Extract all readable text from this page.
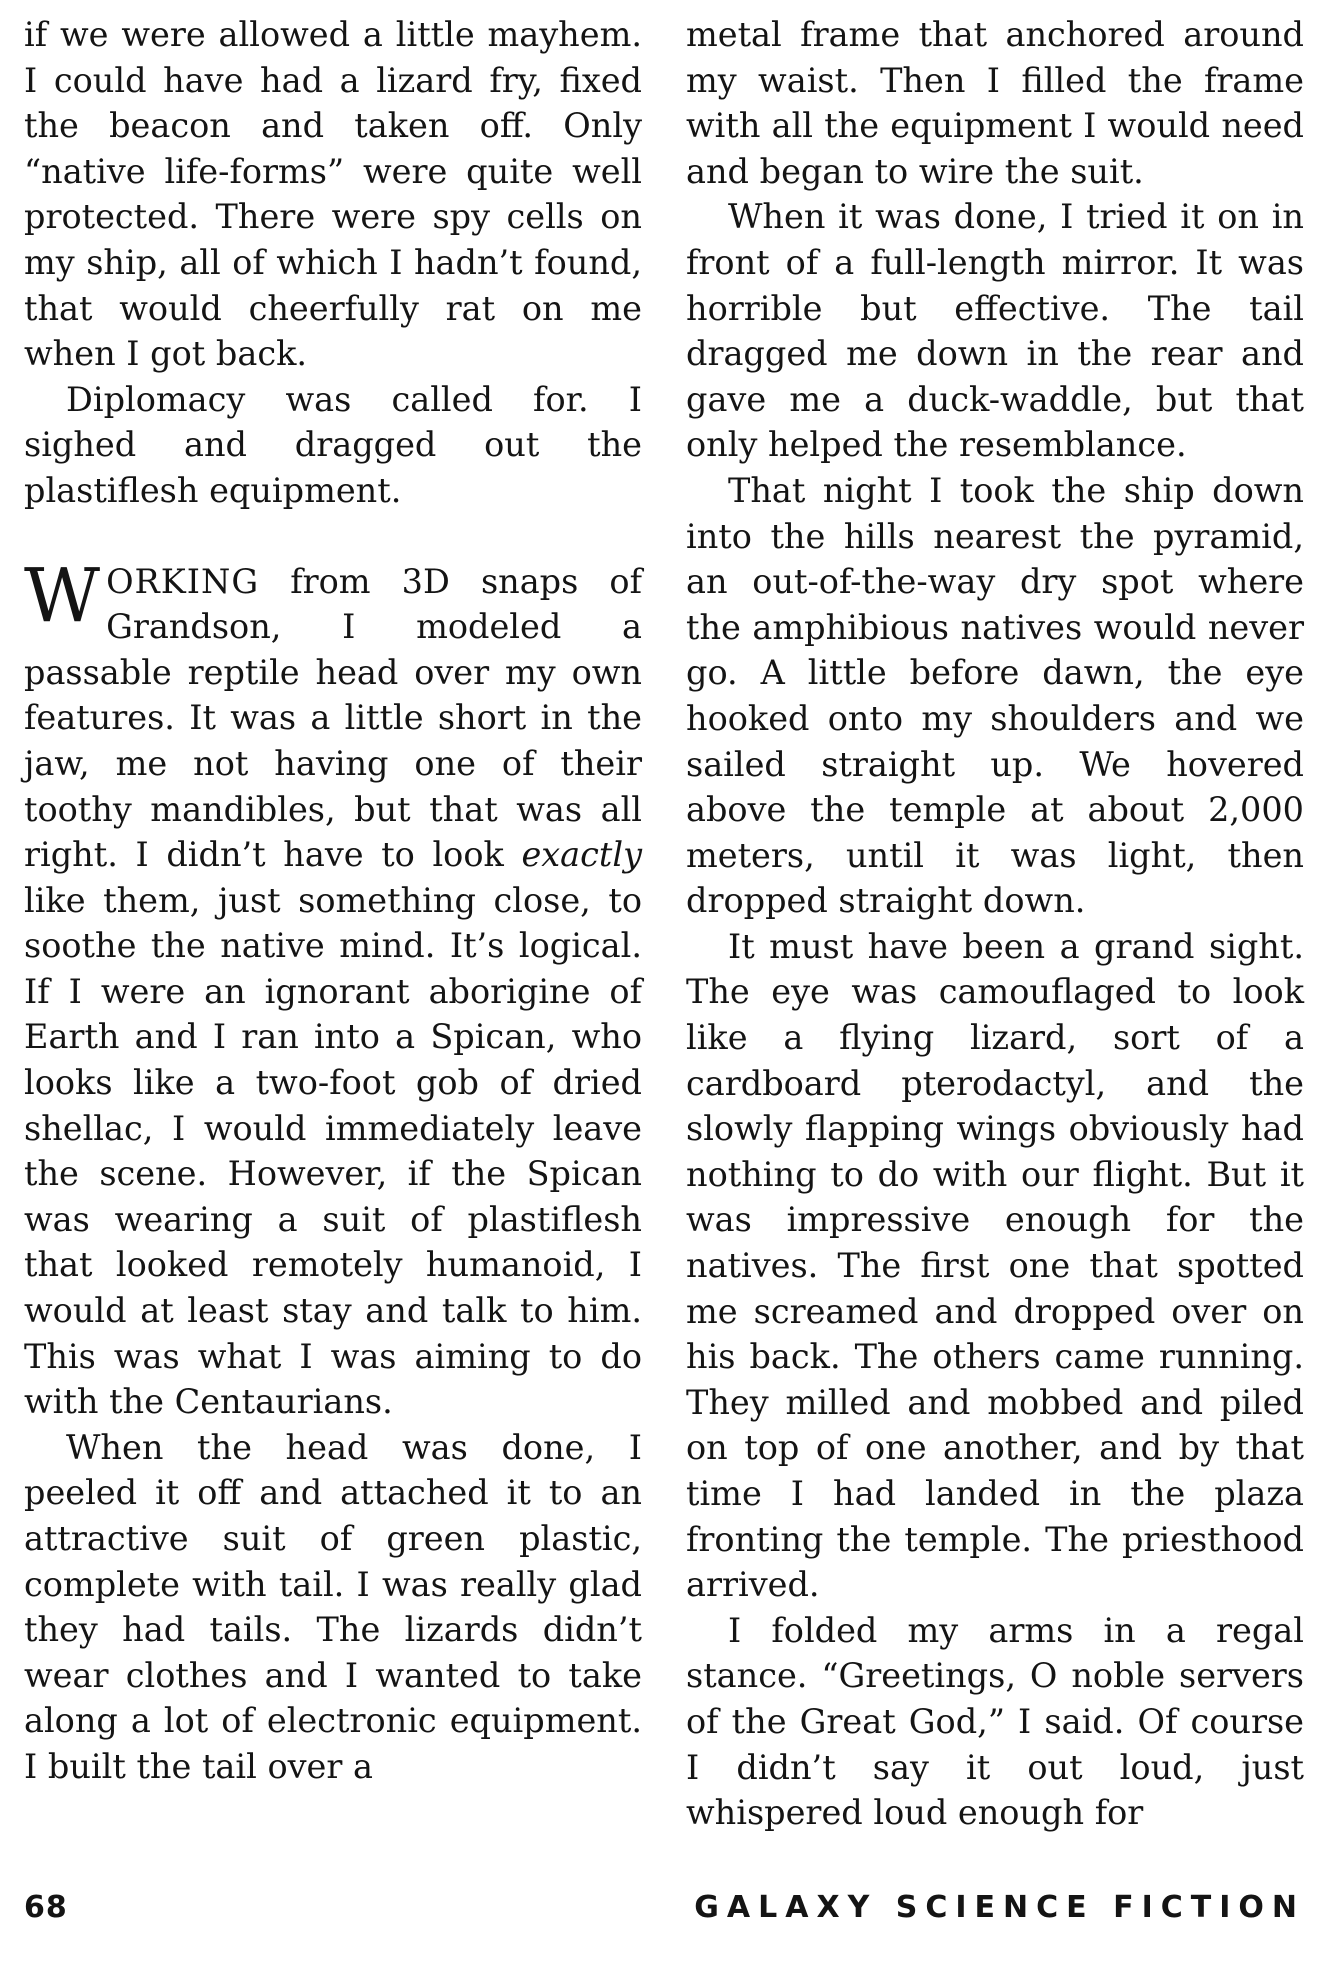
if we were allowed a little mayhem. I could have had a lizard fry, fixed the beacon and taken off. Only “native life-forms” were quite well protected. There were spy cells on my ship, all of which I hadn’t found, that would cheerfully rat on me when I got back.

Diplomacy was called for. I sighed and dragged out the plastiflesh equipment.

WORKING from 3D snaps of Grandson, I modeled a passable reptile head over my own features. It was a little short in the jaw, me not having one of their toothy mandibles, but that was all right. I didn’t have to look exactly like them, just something close, to soothe the native mind. It’s logical. If I were an ignorant aborigine of Earth and I ran into a Spican, who looks like a two-foot gob of dried shellac, I would immediately leave the scene. However, if the Spican was wearing a suit of plastiflesh that looked remotely humanoid, I would at least stay and talk to him. This was what I was aiming to do with the Centaurians.

When the head was done, I peeled it off and attached it to an attractive suit of green plastic, complete with tail. I was really glad they had tails. The lizards didn’t wear clothes and I wanted to take along a lot of electronic equipment. I built the tail over a

metal frame that anchored around my waist. Then I filled the frame with all the equipment I would need and began to wire the suit.

When it was done, I tried it on in front of a full-length mirror. It was horrible but effective. The tail dragged me down in the rear and gave me a duck-waddle, but that only helped the resemblance.

That night I took the ship down into the hills nearest the pyramid, an out-of-the-way dry spot where the amphibious natives would never go. A little before dawn, the eye hooked onto my shoulders and we sailed straight up. We hovered above the temple at about 2,000 meters, until it was light, then dropped straight down.

It must have been a grand sight. The eye was camouflaged to look like a flying lizard, sort of a cardboard pterodactyl, and the slowly flapping wings obviously had nothing to do with our flight. But it was impressive enough for the natives. The first one that spotted me screamed and dropped over on his back. The others came running. They milled and mobbed and piled on top of one another, and by that time I had landed in the plaza fronting the temple. The priesthood arrived.

I folded my arms in a regal stance. “Greetings, O noble servers of the Great God,” I said. Of course I didn’t say it out loud, just whispered loud enough for

68	GALAXY SCIENCE FICTION
